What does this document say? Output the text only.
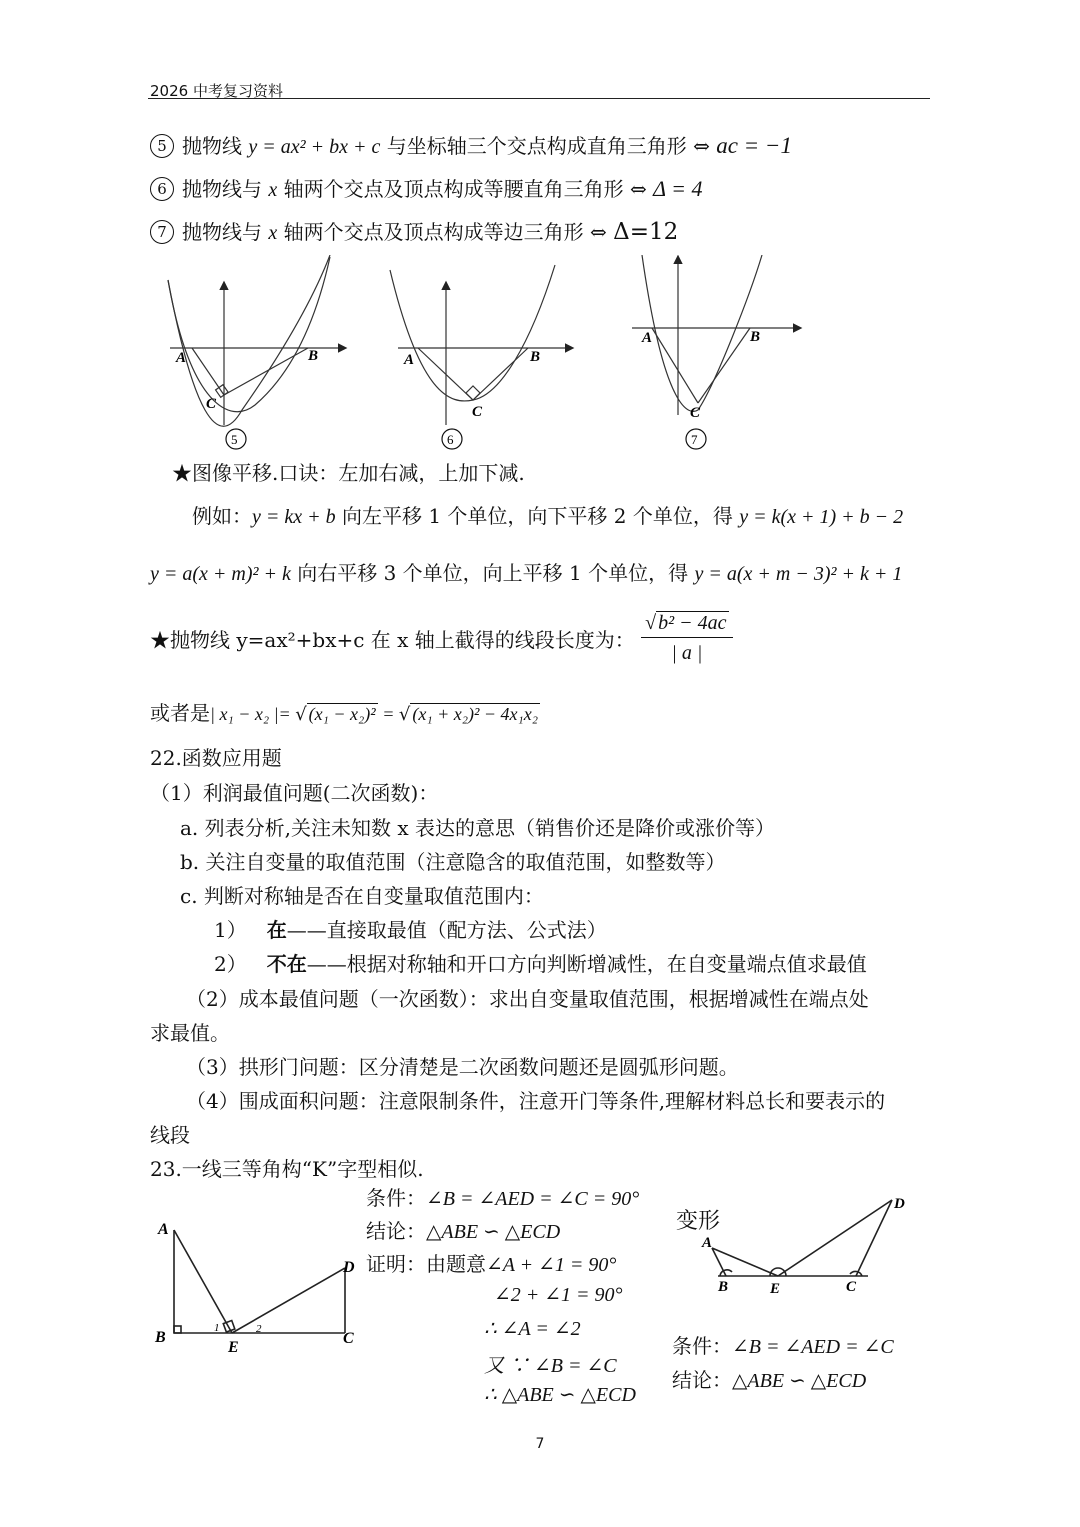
2026 中考复习资料
5 抛物线 y = ax² + bx + c 与坐标轴三个交点构成直角三角形 ⇔ ac = −1
6 抛物线与 x 轴两个交点及顶点构成等腰直角三角形 ⇔ Δ = 4
7 抛物线与 x 轴两个交点及顶点构成等边三角形 ⇔ Δ=12
A	B
C
5
A	B
C
6
A	B
C
7
★图像平移.口诀：左加右减，上加下减.
例如：y = kx + b 向左平移 1 个单位，向下平移 2 个单位，得 y = k(x + 1) + b − 2
y = a(x + m)² + k 向右平移 3 个单位，向上平移 1 个单位，得 y = a(x + m − 3)² + k + 1
★抛物线 y=ax²+bx+c 在 x 轴上截得的线段长度为： $\frac{\text{√ b² − 4ac}}{| a |}$
或者是| x₁ − x₂ |= √ (x₁ − x₂)² = √ (x₁ + x₂)² − 4x₁x₂
22.函数应用题
（1）利润最值问题(二次函数)：
a. 列表分析,关注未知数 x 表达的意思（销售价还是降价或涨价等）
b. 关注自变量的取值范围（注意隐含的取值范围，如整数等）
c. 判断对称轴是否在自变量取值范围内：
1） 在——直接取最值（配方法、公式法）
2） 不在——根据对称轴和开口方向判断增减性，在自变量端点值求最值
（2）成本最值问题（一次函数）：求出自变量取值范围，根据增减性在端点处
求最值。
（3）拱形门问题：区分清楚是二次函数问题还是圆弧形问题。
（4）围成面积问题：注意限制条件，注意开门等条件,理解材料总长和要表示的
线段
23.一线三等角构“K”字型相似.
A
B
E
C
D
1	2
条件：∠B = ∠AED = ∠C = 90°
结论：△ABE ∽ △ECD
证明：由题意∠A + ∠1 = 90°
∠2 + ∠1 = 90°
∴ ∠A = ∠2
又 ∵ ∠B = ∠C
∴ △ABE ∽ △ECD
变形
A
B	E	C
D
条件：∠B = ∠AED = ∠C
结论：△ABE ∽ △ECD
7
